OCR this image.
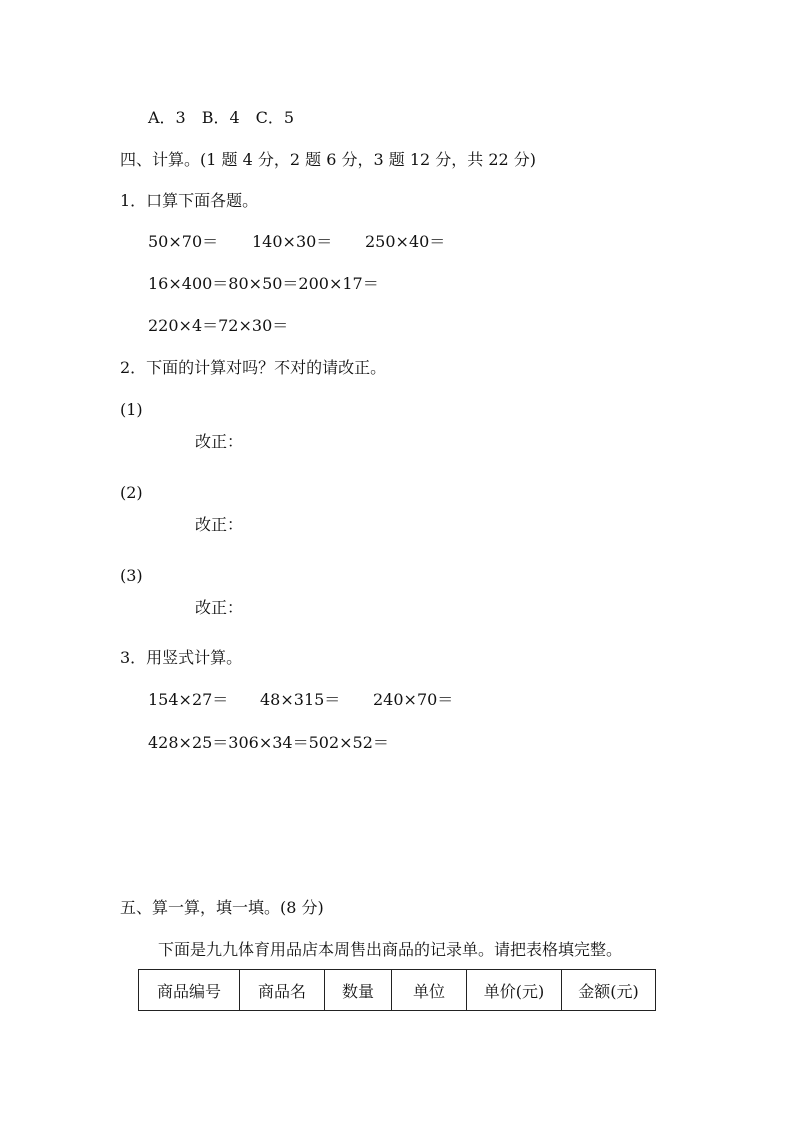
A．3　B．4　C．5
四、计算。(1 题 4 分，2 题 6 分，3 题 12 分，共 22 分)
1．口算下面各题。
50×70＝ 140×30＝ 250×40＝
16×400＝80×50＝200×17＝
220×4＝72×30＝
2．下面的计算对吗？不对的请改正。
(1)
改正：
(2)
改正：
(3)
改正：
3．用竖式计算。
154×27＝ 48×315＝ 240×70＝
428×25＝306×34＝502×52＝
五、算一算，填一填。(8 分)
下面是九九体育用品店本周售出商品的记录单。请把表格填完整。
商品编号	商品名	数量	单位	单价(元)	金额(元)
